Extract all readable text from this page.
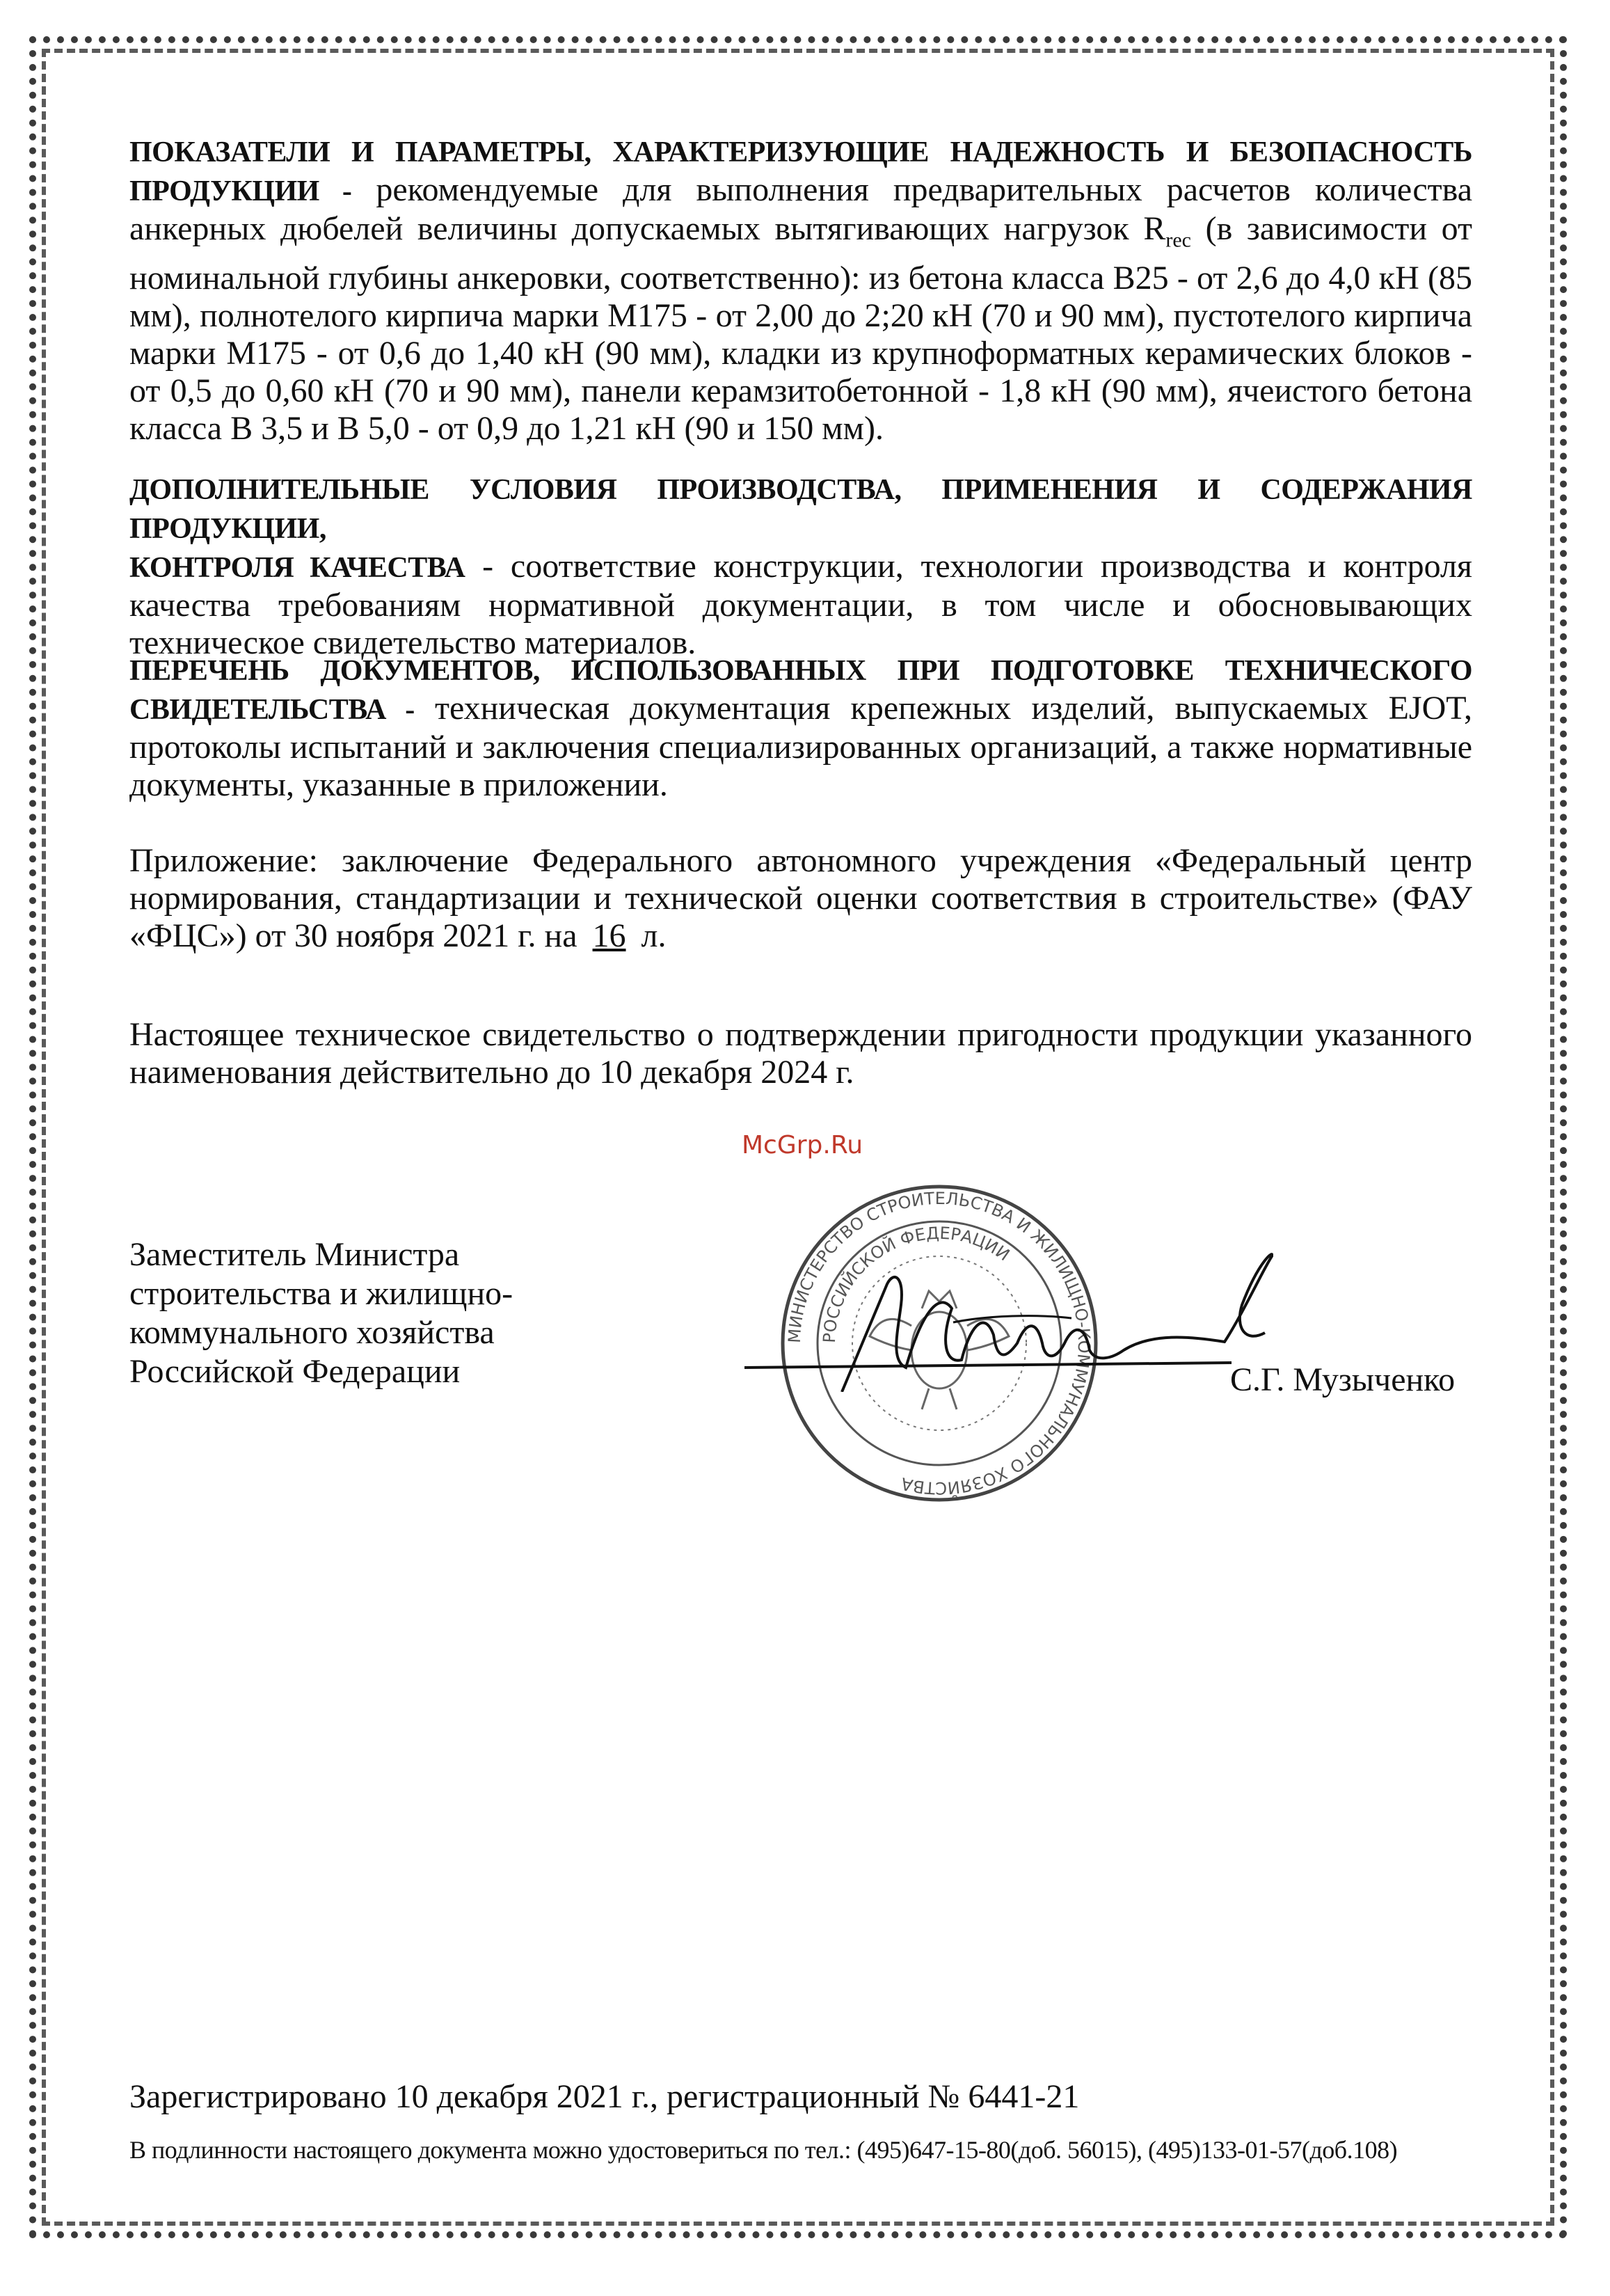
ПОКАЗАТЕЛИ И ПАРАМЕТРЫ, ХАРАКТЕРИЗУЮЩИЕ НАДЕЖНОСТЬ И БЕЗОПАСНОСТЬ ПРОДУКЦИИ - рекомендуемые для выполнения предварительных расчетов количества анкерных дюбелей величины допускаемых вытягивающих нагрузок $R_{rec}$ (в зависимости от номинальной глубины анкеровки, соответственно): из бетона класса В25 - от 2,6 до 4,0 кН (85 мм), полнотелого кирпича марки М175 - от 2,00 до 2;20 кН (70 и 90 мм), пустотелого кирпича марки М175 - от 0,6 до 1,40 кН (90 мм), кладки из крупноформатных керамических блоков - от 0,5 до 0,60 кН (70 и 90 мм), панели керамзитобетонной - 1,8 кН (90 мм), ячеистого бетона класса В 3,5 и В 5,0 - от 0,9 до 1,21 кН (90 и 150 мм).

ДОПОЛНИТЕЛЬНЫЕ УСЛОВИЯ ПРОИЗВОДСТВА, ПРИМЕНЕНИЯ И СОДЕРЖАНИЯ ПРОДУКЦИИ,
КОНТРОЛЯ КАЧЕСТВА - соответствие конструкции, технологии производства и контроля качества требованиям нормативной документации, в том числе и обосновывающих техническое свидетельство материалов.

ПЕРЕЧЕНЬ ДОКУМЕНТОВ, ИСПОЛЬЗОВАННЫХ ПРИ ПОДГОТОВКЕ ТЕХНИЧЕСКОГО СВИДЕТЕЛЬСТВА - техническая документация крепежных изделий, выпускаемых EJOT, протоколы испытаний и заключения специализированных организаций, а также нормативные документы, указанные в приложении.

Приложение: заключение Федерального автономного учреждения «Федеральный центр нормирования, стандартизации и технической оценки соответствия в строительстве» (ФАУ «ФЦС») от 30 ноября 2021 г. на 16 л.

Настоящее техническое свидетельство о подтверждении пригодности продукции указанного наименования действительно до 10 декабря 2024 г.

McGrp.Ru
Заместитель Министра
строительства и жилищно-
коммунального хозяйства
Российской Федерации
МИНИСТЕРСТВО СТРОИТЕЛЬСТВА И ЖИЛИЩНО-КОММУНАЛЬНОГО ХОЗЯЙСТВА
РОССИЙСКОЙ ФЕДЕРАЦИИ
С.Г. Музыченко
Зарегистрировано 10 декабря 2021 г., регистрационный № 6441-21
В подлинности настоящего документа можно удостовериться по тел.: (495)647-15-80(доб. 56015), (495)133-01-57(доб.108)
